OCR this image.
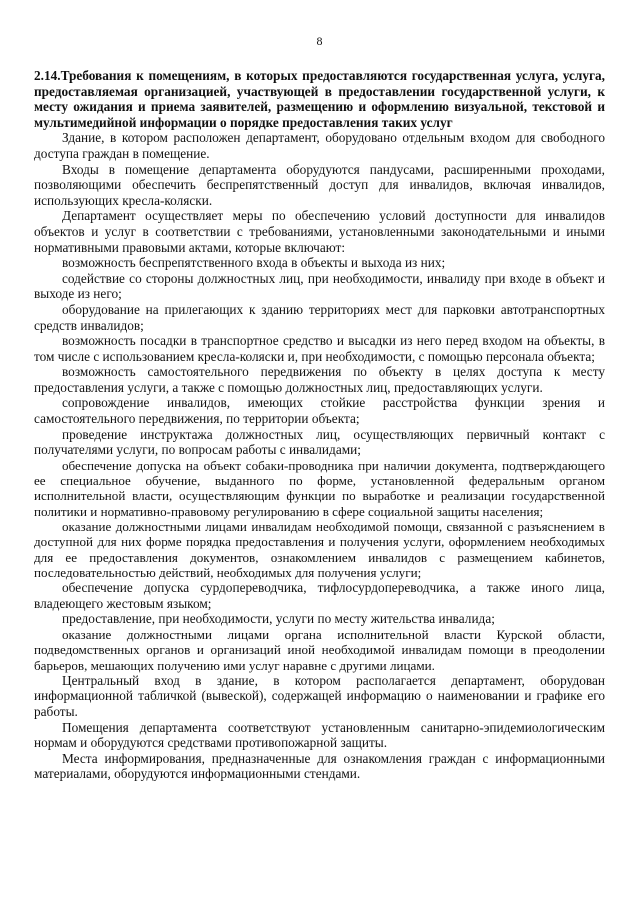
8
2.14.Требования к помещениям, в которых предоставляются государственная услуга, услуга, предоставляемая организацией, участвующей в предоставлении государственной услуги, к месту ожидания и приема заявителей, размещению и оформлению визуальной, текстовой и мультимедийной информации о порядке предоставления таких услуг

Здание, в котором расположен департамент, оборудовано отдельным входом для свободного доступа граждан в помещение.

Входы в помещение департамента оборудуются пандусами, расширенными проходами, позволяющими обеспечить беспрепятственный доступ для инвалидов, включая инвалидов, использующих кресла-коляски.

Департамент осуществляет меры по обеспечению условий доступности для инвалидов объектов и услуг в соответствии с требованиями, установленными законодательными и иными нормативными правовыми актами, которые включают:

возможность беспрепятственного входа в объекты и выхода из них;

содействие со стороны должностных лиц, при необходимости, инвалиду при входе в объект и выходе из него;

оборудование на прилегающих к зданию территориях мест для парковки автотранспортных средств инвалидов;

возможность посадки в транспортное средство и высадки из него перед входом на объекты, в том числе с использованием кресла-коляски и, при необходимости, с помощью персонала объекта;

возможность самостоятельного передвижения по объекту в целях доступа к месту предоставления услуги, а также с помощью должностных лиц, предоставляющих услуги.

сопровождение инвалидов, имеющих стойкие расстройства функции зрения и самостоятельного передвижения, по территории объекта;

проведение инструктажа должностных лиц, осуществляющих первичный контакт с получателями услуги, по вопросам работы с инвалидами;

обеспечение допуска на объект собаки-проводника при наличии документа, подтверждающего ее специальное обучение, выданного по форме, установленной федеральным органом исполнительной власти, осуществляющим функции по выработке и реализации государственной политики и нормативно-правовому регулированию в сфере социальной защиты населения;

оказание должностными лицами инвалидам необходимой помощи, связанной с разъяснением в доступной для них форме порядка предоставления и получения услуги, оформлением необходимых для ее предоставления документов, ознакомлением инвалидов с размещением кабинетов, последовательностью действий, необходимых для получения услуги;

обеспечение допуска сурдопереводчика, тифлосурдопереводчика, а также иного лица, владеющего жестовым языком;

предоставление, при необходимости, услуги по месту жительства инвалида;

оказание должностными лицами органа исполнительной власти Курской области, подведомственных органов и организаций иной необходимой инвалидам помощи в преодолении барьеров, мешающих получению ими услуг наравне с другими лицами.

Центральный вход в здание, в котором располагается департамент, оборудован информационной табличкой (вывеской), содержащей информацию о наименовании и графике его работы.

Помещения департамента соответствуют установленным санитарно-эпидемиологическим нормам и оборудуются средствами противопожарной защиты.

Места информирования, предназначенные для ознакомления граждан с информационными материалами, оборудуются информационными стендами.
